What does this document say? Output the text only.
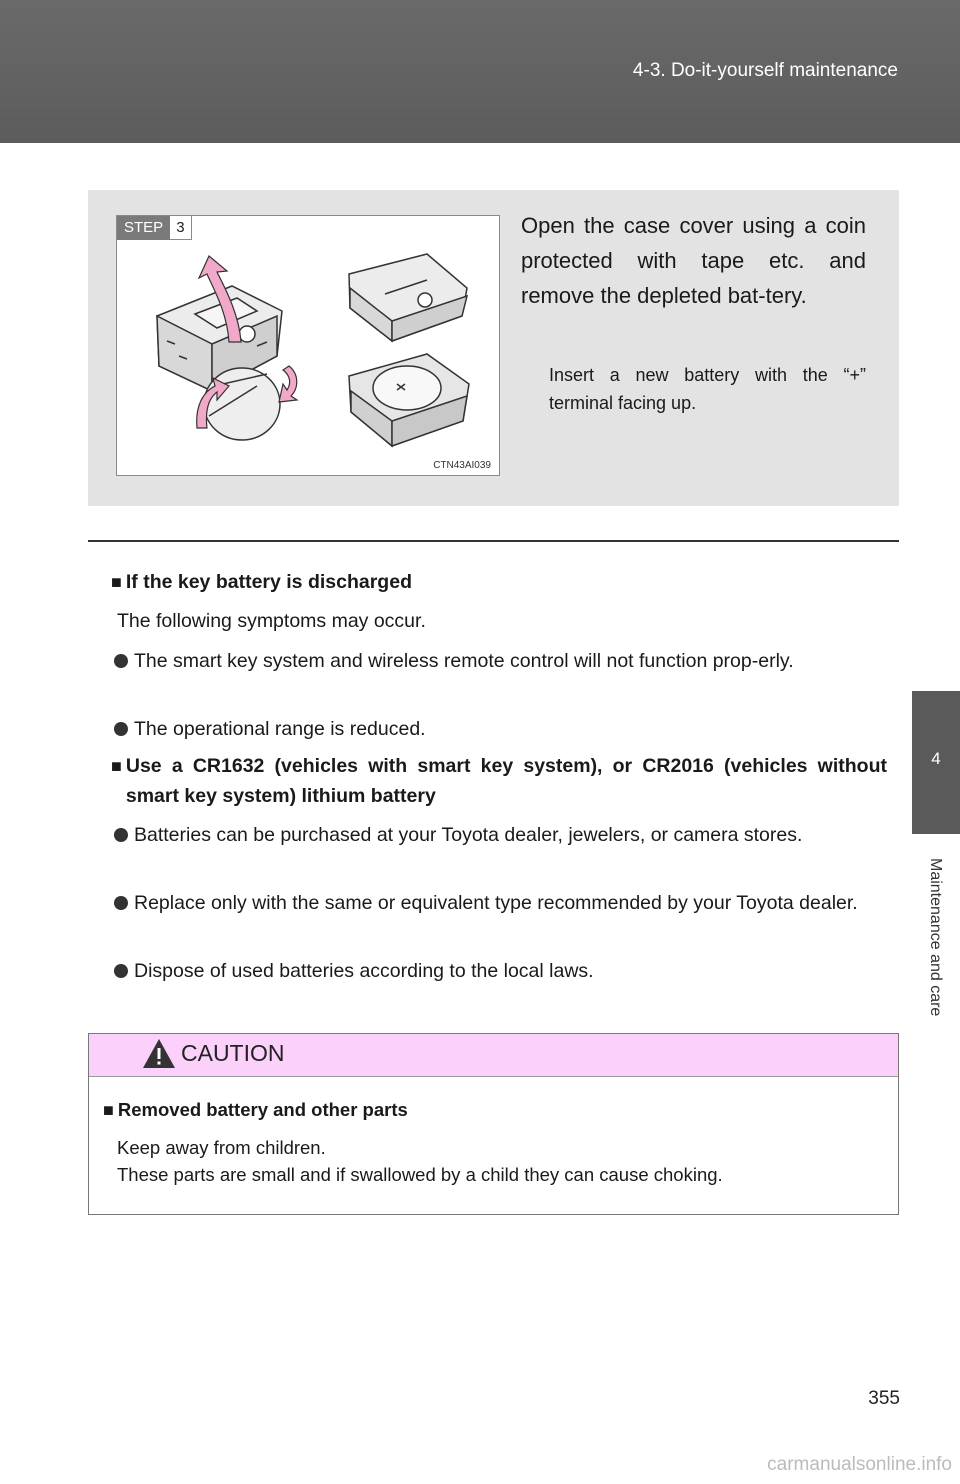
4-3. Do-it-yourself maintenance
4
Maintenance and care
STEP 3
CTN43AI039
Open the case cover using a coin protected with tape etc. and remove the depleted bat-tery.
Insert a new battery with the “+” terminal facing up.
■ If the key battery is discharged
The following symptoms may occur.
The smart key system and wireless remote control will not function prop-erly.
The operational range is reduced.
■ Use a CR1632 (vehicles with smart key system), or CR2016 (vehicles without smart key system) lithium battery
Batteries can be purchased at your Toyota dealer, jewelers, or camera stores.
Replace only with the same or equivalent type recommended by your Toyota dealer.
Dispose of used batteries according to the local laws.
CAUTION
■ Removed battery and other parts
Keep away from children.
These parts are small and if swallowed by a child they can cause choking.
355
carmanualsonline.info
